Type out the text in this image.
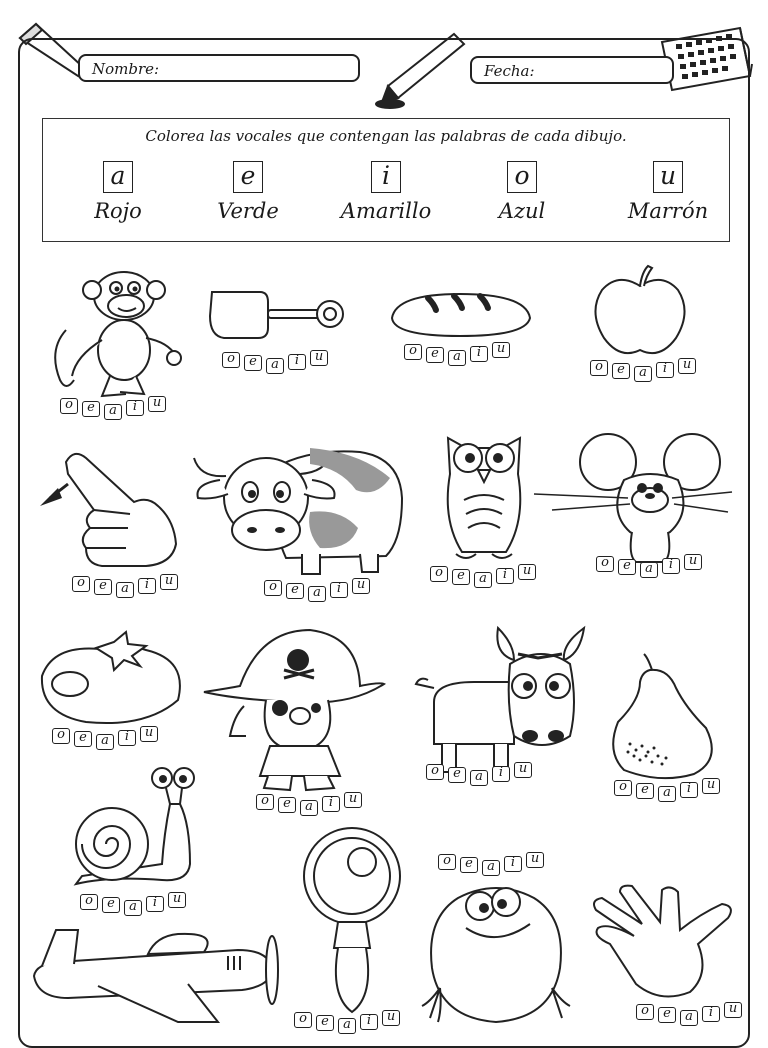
Nombre:	Fecha:
Colorea las vocales que contengan las palabras de cada dibujo.
a
Rojo
e
Verde
i
Amarillo
o
Azul
u
Marrón
o	e	a	i	u
o	e	a	i	u	o	e	a	i	u
o	e	a	i	u
o	e	a	i	u	o	e	a	i	u
o	e	a	i	u
o	e	a	i	u
o	e	a	i	u
o	e	a	i	u
o	e	a	i	u
o	e	a	i	u
o	e	a	i	u
o	e	a	i	u
o	e	a	i	u
o	e	a	i	u
